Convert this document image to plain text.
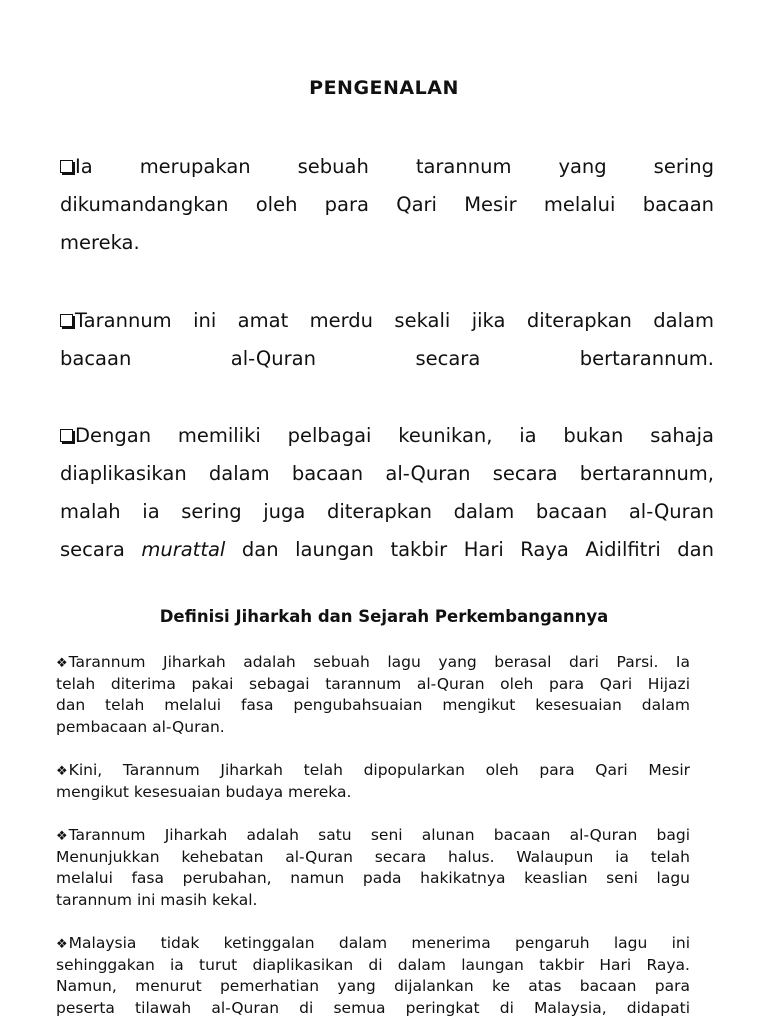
PENGENALAN
Ia merupakan sebuah tarannum yang sering
dikumandangkan oleh para Qari Mesir melalui bacaan
mereka.
Tarannum ini amat merdu sekali jika diterapkan dalam
bacaan al-Quran secara bertarannum.
Dengan memiliki pelbagai keunikan, ia bukan sahaja
diaplikasikan dalam bacaan al-Quran secara bertarannum,
malah ia sering juga diterapkan dalam bacaan al-Quran
secara murattal dan laungan takbir Hari Raya Aidilfitri dan
Definisi Jiharkah dan Sejarah Perkembangannya
❖Tarannum Jiharkah adalah sebuah lagu yang berasal dari Parsi. Ia
telah diterima pakai sebagai tarannum al-Quran oleh para Qari Hijazi
dan telah melalui fasa pengubahsuaian mengikut kesesuaian dalam
pembacaan al-Quran.
❖Kini, Tarannum Jiharkah telah dipopularkan oleh para Qari Mesir
mengikut kesesuaian budaya mereka.
❖Tarannum Jiharkah adalah satu seni alunan bacaan al-Quran bagi
Menunjukkan kehebatan al-Quran secara halus. Walaupun ia telah
melalui fasa perubahan, namun pada hakikatnya keaslian seni lagu
tarannum ini masih kekal.
❖Malaysia tidak ketinggalan dalam menerima pengaruh lagu ini
sehinggakan ia turut diaplikasikan di dalam laungan takbir Hari Raya.
Namun, menurut pemerhatian yang dijalankan ke atas bacaan para
peserta tilawah al-Quran di semua peringkat di Malaysia, didapati
